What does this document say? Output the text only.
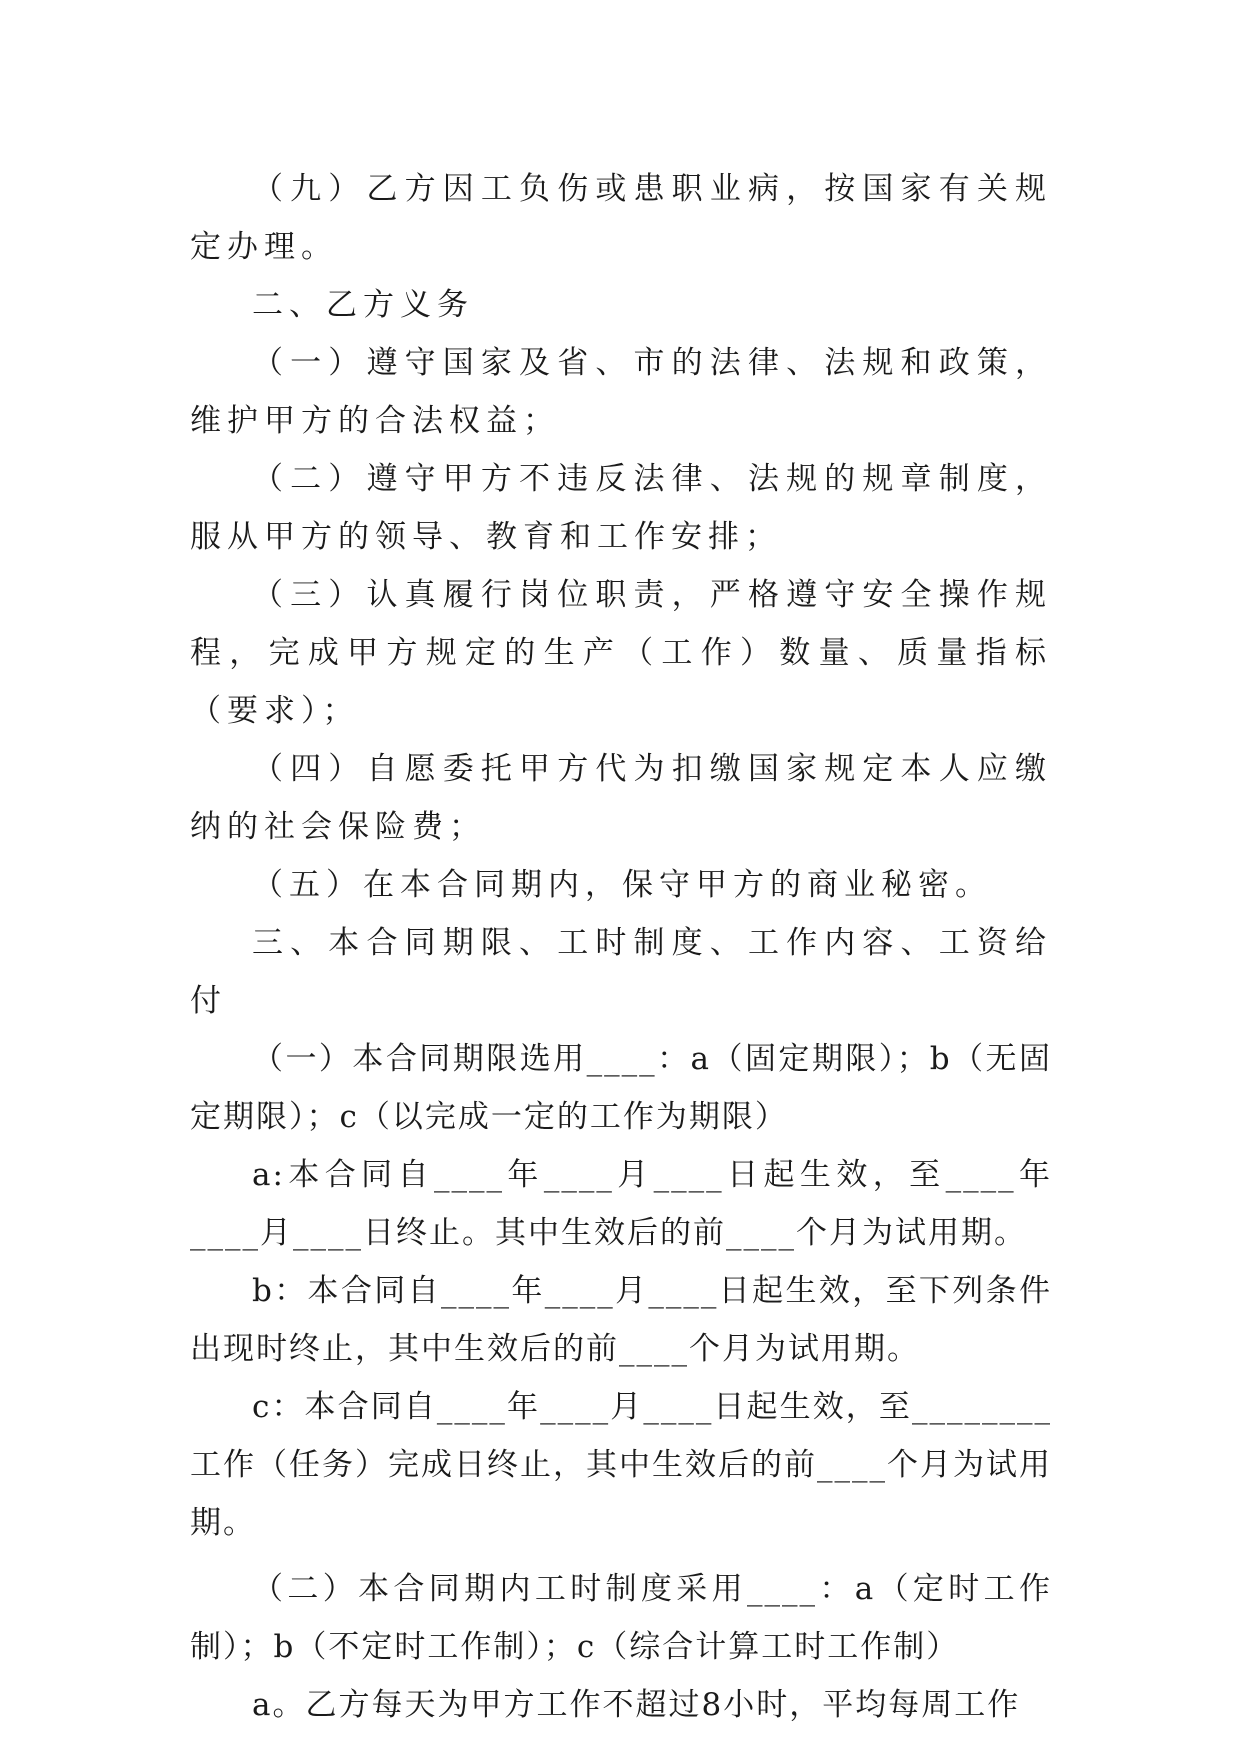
（九）乙方因工负伤或患职业病，按国家有关规定办理。

二、乙方义务

（一）遵守国家及省、市的法律、法规和政策，维护甲方的合法权益；

（二）遵守甲方不违反法律、法规的规章制度，服从甲方的领导、教育和工作安排；

（三）认真履行岗位职责，严格遵守安全操作规程，完成甲方规定的生产（工作）数量、质量指标（要求）；

（四）自愿委托甲方代为扣缴国家规定本人应缴纳的社会保险费；

（五）在本合同期内，保守甲方的商业秘密。

三、本合同期限、工时制度、工作内容、工资给付

（一）本合同期限选用____：a（固定期限）；b（无固定期限）；c（以完成一定的工作为期限）

a:本合同自____年____月____日起生效，至____年____月____日终止。其中生效后的前____个月为试用期。

b：本合同自____年____月____日起生效，至下列条件出现时终止，其中生效后的前____个月为试用期。

c：本合同自____年____月____日起生效，至________工作（任务）完成日终止，其中生效后的前____个月为试用期。

（二）本合同期内工时制度采用____：a（定时工作制）；b（不定时工作制）；c（综合计算工时工作制）

a。乙方每天为甲方工作不超过8小时，平均每周工作
